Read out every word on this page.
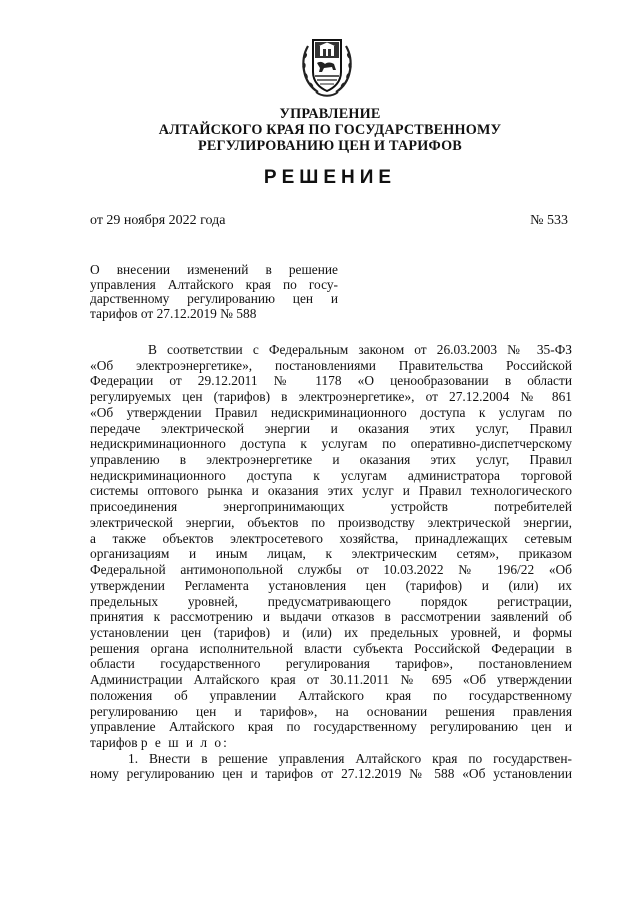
УПРАВЛЕНИЕ
АЛТАЙСКОГО КРАЯ ПО ГОСУДАРСТВЕННОМУ
РЕГУЛИРОВАНИЮ ЦЕН И ТАРИФОВ
РЕШЕНИЕ
от 29 ноября 2022 года	№ 533
О внесении изменений в решение
управления Алтайского края по госу-
дарственному регулированию цен и
тарифов от 27.12.2019 № 588
В соответствии с Федеральным законом от 26.03.2003 № 35-ФЗ
«Об электроэнергетике», постановлениями Правительства Российской
Федерации от 29.12.2011 № 1178 «О ценообразовании в области
регулируемых цен (тарифов) в электроэнергетике», от 27.12.2004 № 861
«Об утверждении Правил недискриминационного доступа к услугам по
передаче электрической энергии и оказания этих услуг, Правил
недискриминационного доступа к услугам по оперативно-диспетчерскому
управлению в электроэнергетике и оказания этих услуг, Правил
недискриминационного доступа к услугам администратора торговой
системы оптового рынка и оказания этих услуг и Правил технологического
присоединения энергопринимающих устройств потребителей
электрической энергии, объектов по производству электрической энергии,
а также объектов электросетевого хозяйства, принадлежащих сетевым
организациям и иным лицам, к электрическим сетям», приказом
Федеральной антимонопольной службы от 10.03.2022 № 196/22 «Об
утверждении Регламента установления цен (тарифов) и (или) их
предельных уровней, предусматривающего порядок регистрации,
принятия к рассмотрению и выдачи отказов в рассмотрении заявлений об
установлении цен (тарифов) и (или) их предельных уровней, и формы
решения органа исполнительной власти субъекта Российской Федерации в
области государственного регулирования тарифов», постановлением
Администрации Алтайского края от 30.11.2011 № 695 «Об утверждении
положения об управлении Алтайского края по государственному
регулированию цен и тарифов», на основании решения правления
управление Алтайского края по государственному регулированию цен и
тарифов р е ш и л о:
1. Внести в решение управления Алтайского края по государствен-
ному регулированию цен и тарифов от 27.12.2019 № 588 «Об установлении
